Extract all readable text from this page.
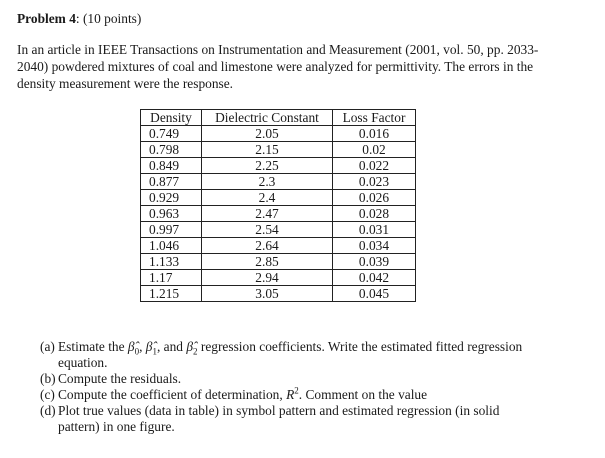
Problem 4: (10 points)
In an article in IEEE Transactions on Instrumentation and Measurement (2001, vol. 50, pp. 2033-
2040) powdered mixtures of coal and limestone were analyzed for permittivity. The errors in the
density measurement were the response.
Density	Dielectric Constant	Loss Factor
0.749	2.05	0.016
0.798	2.15	0.02
0.849	2.25	0.022
0.877	2.3	0.023
0.929	2.4	0.026
0.963	2.47	0.028
0.997	2.54	0.031
1.046	2.64	0.034
1.133	2.85	0.039
1.17	2.94	0.042
1.215	3.05	0.045
(a) Estimate the $\betâ_0$, $\betâ_1$, and $\betâ_2$ regression coefficients. Write the estimated fitted regression
equation.
(b) Compute the residuals.
(c) Compute the coefficient of determination, $R^2$. Comment on the value
(d) Plot true values (data in table) in symbol pattern and estimated regression (in solid
pattern) in one figure.
